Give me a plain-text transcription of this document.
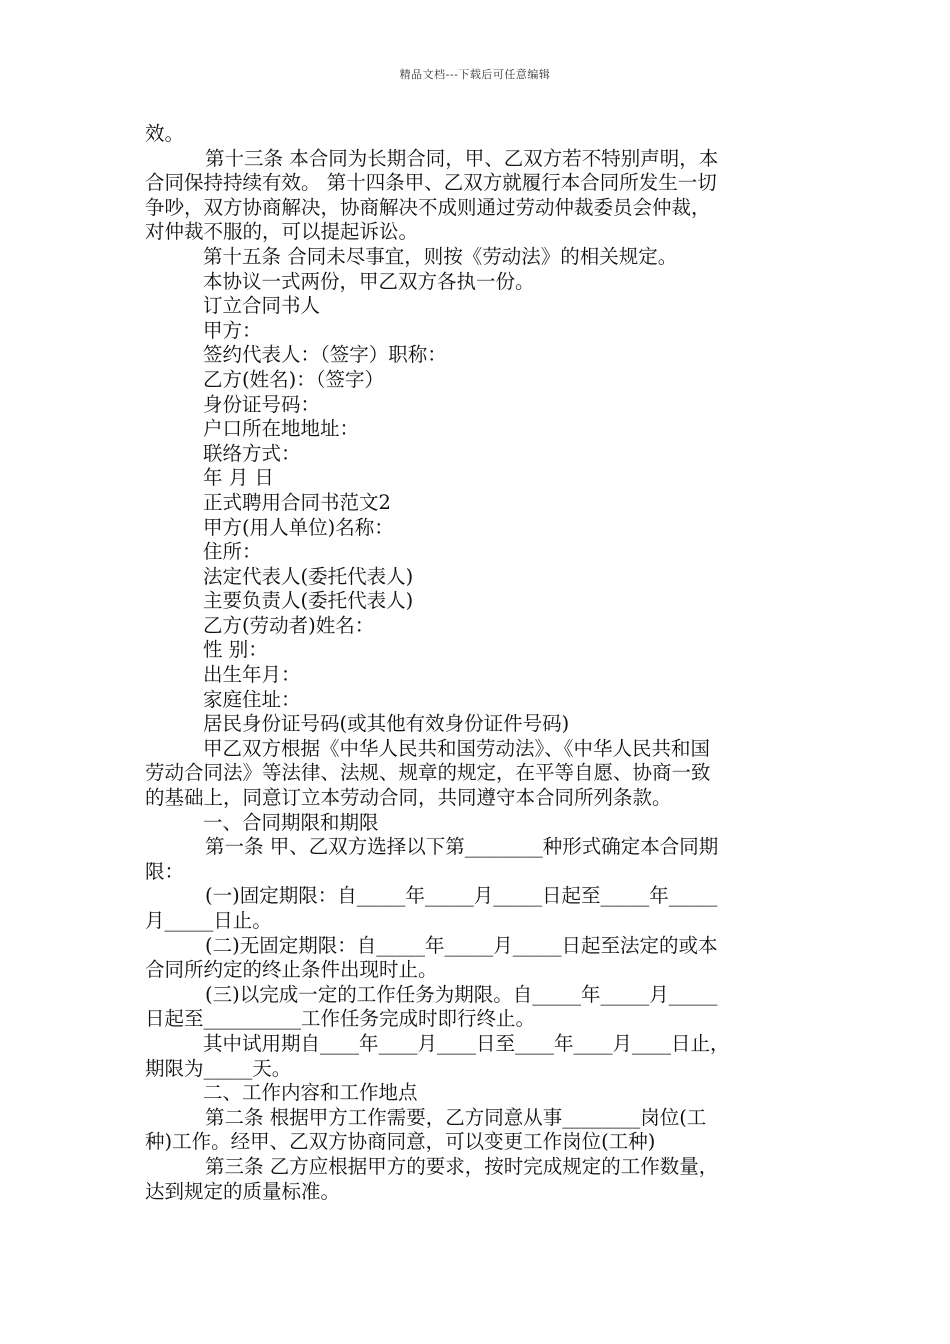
精品文档---下载后可任意编辑
效。
第十三条 本合同为长期合同，甲、乙双方若不特别声明，本
合同保持持续有效。 第十四条甲、乙双方就履行本合同所发生一切
争吵，双方协商解决，协商解决不成则通过劳动仲裁委员会仲裁，
对仲裁不服的，可以提起诉讼。
第十五条 合同未尽事宜，则按《劳动法》的相关规定。
本协议一式两份，甲乙双方各执一份。
订立合同书人
甲方：
签约代表人：（签字）职称：
乙方(姓名)：（签字）
身份证号码：
户口所在地地址：
联络方式：
年 月 日
正式聘用合同书范文2
甲方(用人单位)名称：
住所：
法定代表人(委托代表人)
主要负责人(委托代表人)
乙方(劳动者)姓名：
性 别：
出生年月：
家庭住址：
居民身份证号码(或其他有效身份证件号码)
甲乙双方根据《中华人民共和国劳动法》、《中华人民共和国
劳动合同法》等法律、法规、规章的规定，在平等自愿、协商一致
的基础上，同意订立本劳动合同，共同遵守本合同所列条款。
一、合同期限和期限
第一条 甲、乙双方选择以下第________种形式确定本合同期
限：
(一)固定期限：自_____年_____月_____日起至_____年_____
月_____日止。
(二)无固定期限：自_____年_____月_____日起至法定的或本
合同所约定的终止条件出现时止。
(三)以完成一定的工作任务为期限。自_____年_____月_____
日起至__________工作任务完成时即行终止。
其中试用期自____年____月____日至____年____月____日止，
期限为_____天。
二、工作内容和工作地点
第二条 根据甲方工作需要，乙方同意从事________岗位(工
种)工作。经甲、乙双方协商同意，可以变更工作岗位(工种)
第三条 乙方应根据甲方的要求，按时完成规定的工作数量，
达到规定的质量标准。
